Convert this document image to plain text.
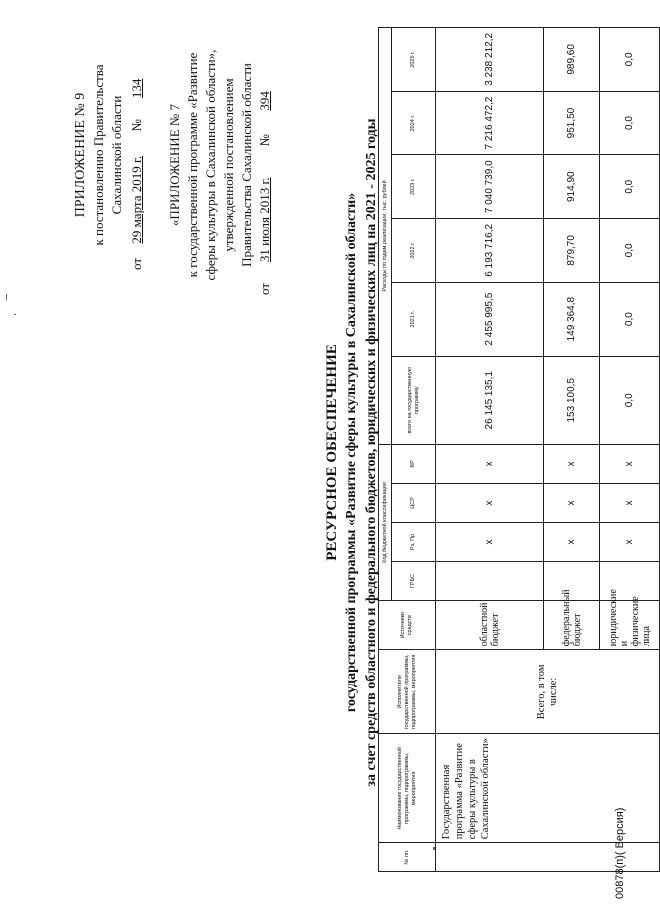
ПРИЛОЖЕНИЕ № 9 к постановлению Правительства Сахалинской области
от 29 марта 2019 г. № 134
«ПРИЛОЖЕНИЕ № 7 к государственной программе «Развитие сферы культуры в Сахалинской области», утвержденной постановлением Правительства Сахалинской области
от 31 июля 2013 г. № 394
РЕСУРСНОЕ ОБЕСПЕЧЕНИЕ государственной программы «Развитие сферы культуры в Сахалинской области» за счет средств областного и федерального бюджетов, юридических и физических лиц на 2021 - 2025 годы
№ пп.	Наименование государственной программы, подпрограммы, мероприятия	Исполнители государственной программы, подпрограммы, мероприятия	Источники средств	Код бюджетной классификации				Расходы по годам реализации, тыс. рублей					
				ГРБС	Рз, Пр	ЦСР	ВР	всего на государственную программу	2021 г.	2022 г.	2023 г.	2024 г.	2025 г.
	Государственная программа «Развитие сферы культуры в Сахалинской области»	Всего, в том числе:	областной бюджет		х	х	х	26 145 135,1	2 455 995,5	6 193 716,2	7 040 739,0	7 216 472,2	3 238 212,2
			федеральный бюджет		х	х	х	153 100,5	149 364,8	879,70	914,90	951,50	989,60
			юридические и физические лица		х	х	х	0,0	0,0	0,0	0,0	0,0	0,0
00878(п)( Версия)
